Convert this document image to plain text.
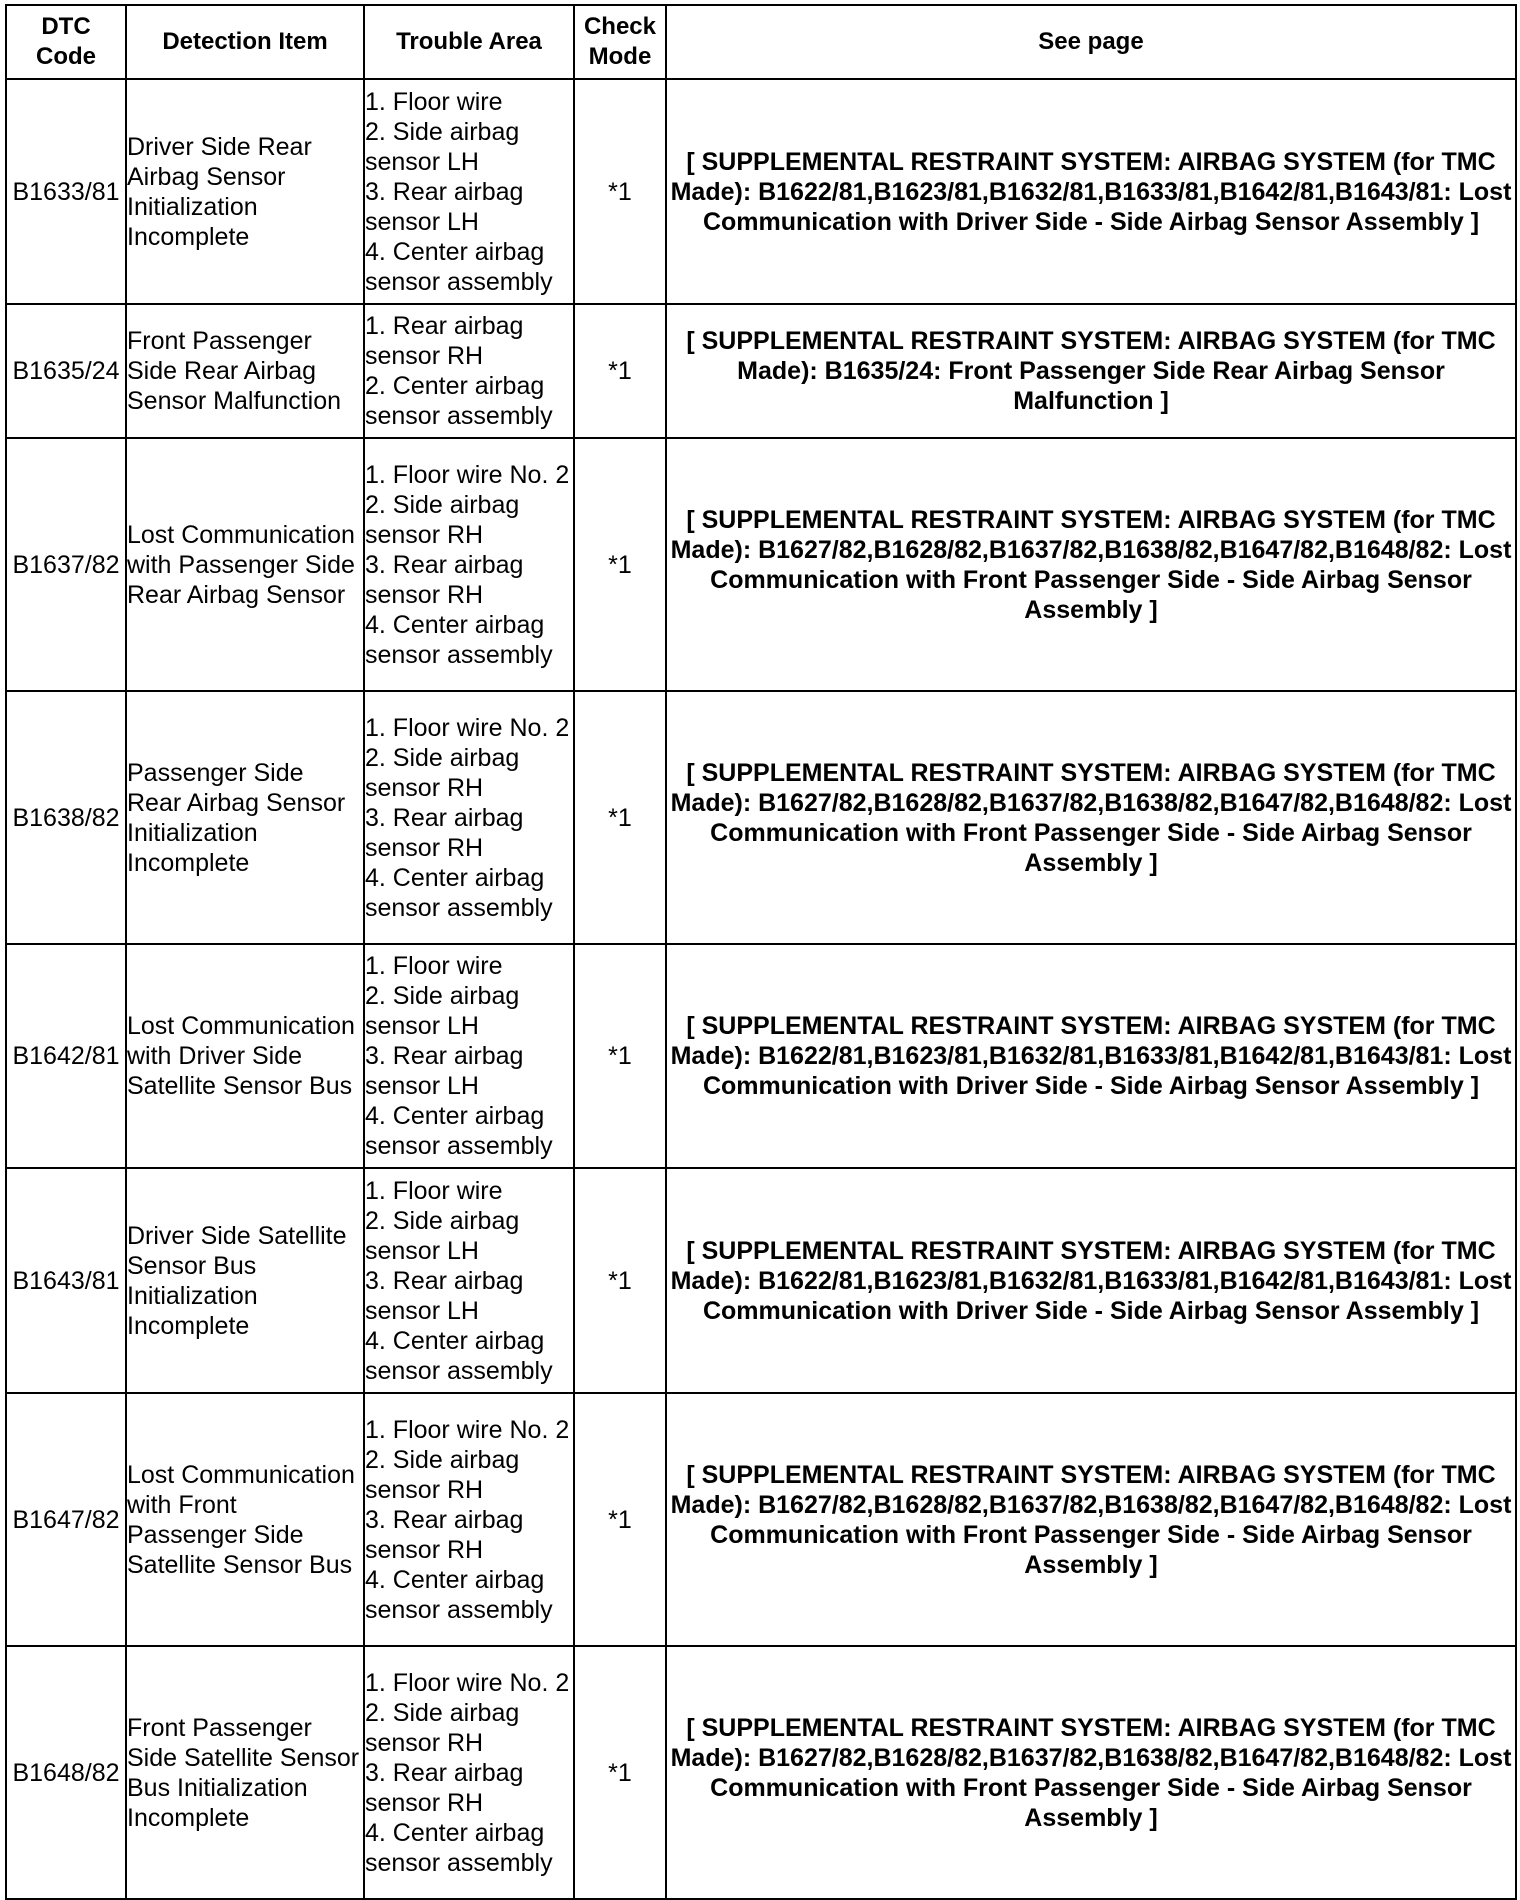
DTC
Code	Detection Item	Trouble Area	Check
Mode	See page
B1633/81	Driver Side Rear Airbag Sensor Initialization Incomplete	1. Floor wire
2. Side airbag sensor LH
3. Rear airbag sensor LH
4. Center airbag sensor assembly	*1	[ SUPPLEMENTAL RESTRAINT SYSTEM: AIRBAG SYSTEM (for TMC Made): B1622/81,B1623/81,B1632/81,B1633/81,B1642/81,B1643/81: Lost Communication with Driver Side - Side Airbag Sensor Assembly ]
B1635/24	Front Passenger Side Rear Airbag Sensor Malfunction	1. Rear airbag sensor RH
2. Center airbag sensor assembly	*1	[ SUPPLEMENTAL RESTRAINT SYSTEM: AIRBAG SYSTEM (for TMC Made): B1635/24: Front Passenger Side Rear Airbag Sensor Malfunction ]
B1637/82	Lost Communication with Passenger Side Rear Airbag Sensor	1. Floor wire No. 2
2. Side airbag sensor RH
3. Rear airbag sensor RH
4. Center airbag sensor assembly	*1	[ SUPPLEMENTAL RESTRAINT SYSTEM: AIRBAG SYSTEM (for TMC Made): B1627/82,B1628/82,B1637/82,B1638/82,B1647/82,B1648/82: Lost Communication with Front Passenger Side - Side Airbag Sensor Assembly ]
B1638/82	Passenger Side Rear Airbag Sensor Initialization Incomplete	1. Floor wire No. 2
2. Side airbag sensor RH
3. Rear airbag sensor RH
4. Center airbag sensor assembly	*1	[ SUPPLEMENTAL RESTRAINT SYSTEM: AIRBAG SYSTEM (for TMC Made): B1627/82,B1628/82,B1637/82,B1638/82,B1647/82,B1648/82: Lost Communication with Front Passenger Side - Side Airbag Sensor Assembly ]
B1642/81	Lost Communication with Driver Side Satellite Sensor Bus	1. Floor wire
2. Side airbag sensor LH
3. Rear airbag sensor LH
4. Center airbag sensor assembly	*1	[ SUPPLEMENTAL RESTRAINT SYSTEM: AIRBAG SYSTEM (for TMC Made): B1622/81,B1623/81,B1632/81,B1633/81,B1642/81,B1643/81: Lost Communication with Driver Side - Side Airbag Sensor Assembly ]
B1643/81	Driver Side Satellite Sensor Bus Initialization Incomplete	1. Floor wire
2. Side airbag sensor LH
3. Rear airbag sensor LH
4. Center airbag sensor assembly	*1	[ SUPPLEMENTAL RESTRAINT SYSTEM: AIRBAG SYSTEM (for TMC Made): B1622/81,B1623/81,B1632/81,B1633/81,B1642/81,B1643/81: Lost Communication with Driver Side - Side Airbag Sensor Assembly ]
B1647/82	Lost Communication with Front Passenger Side Satellite Sensor Bus	1. Floor wire No. 2
2. Side airbag sensor RH
3. Rear airbag sensor RH
4. Center airbag sensor assembly	*1	[ SUPPLEMENTAL RESTRAINT SYSTEM: AIRBAG SYSTEM (for TMC Made): B1627/82,B1628/82,B1637/82,B1638/82,B1647/82,B1648/82: Lost Communication with Front Passenger Side - Side Airbag Sensor Assembly ]
B1648/82	Front Passenger Side Satellite Sensor Bus Initialization Incomplete	1. Floor wire No. 2
2. Side airbag sensor RH
3. Rear airbag sensor RH
4. Center airbag sensor assembly	*1	[ SUPPLEMENTAL RESTRAINT SYSTEM: AIRBAG SYSTEM (for TMC Made): B1627/82,B1628/82,B1637/82,B1638/82,B1647/82,B1648/82: Lost Communication with Front Passenger Side - Side Airbag Sensor Assembly ]
